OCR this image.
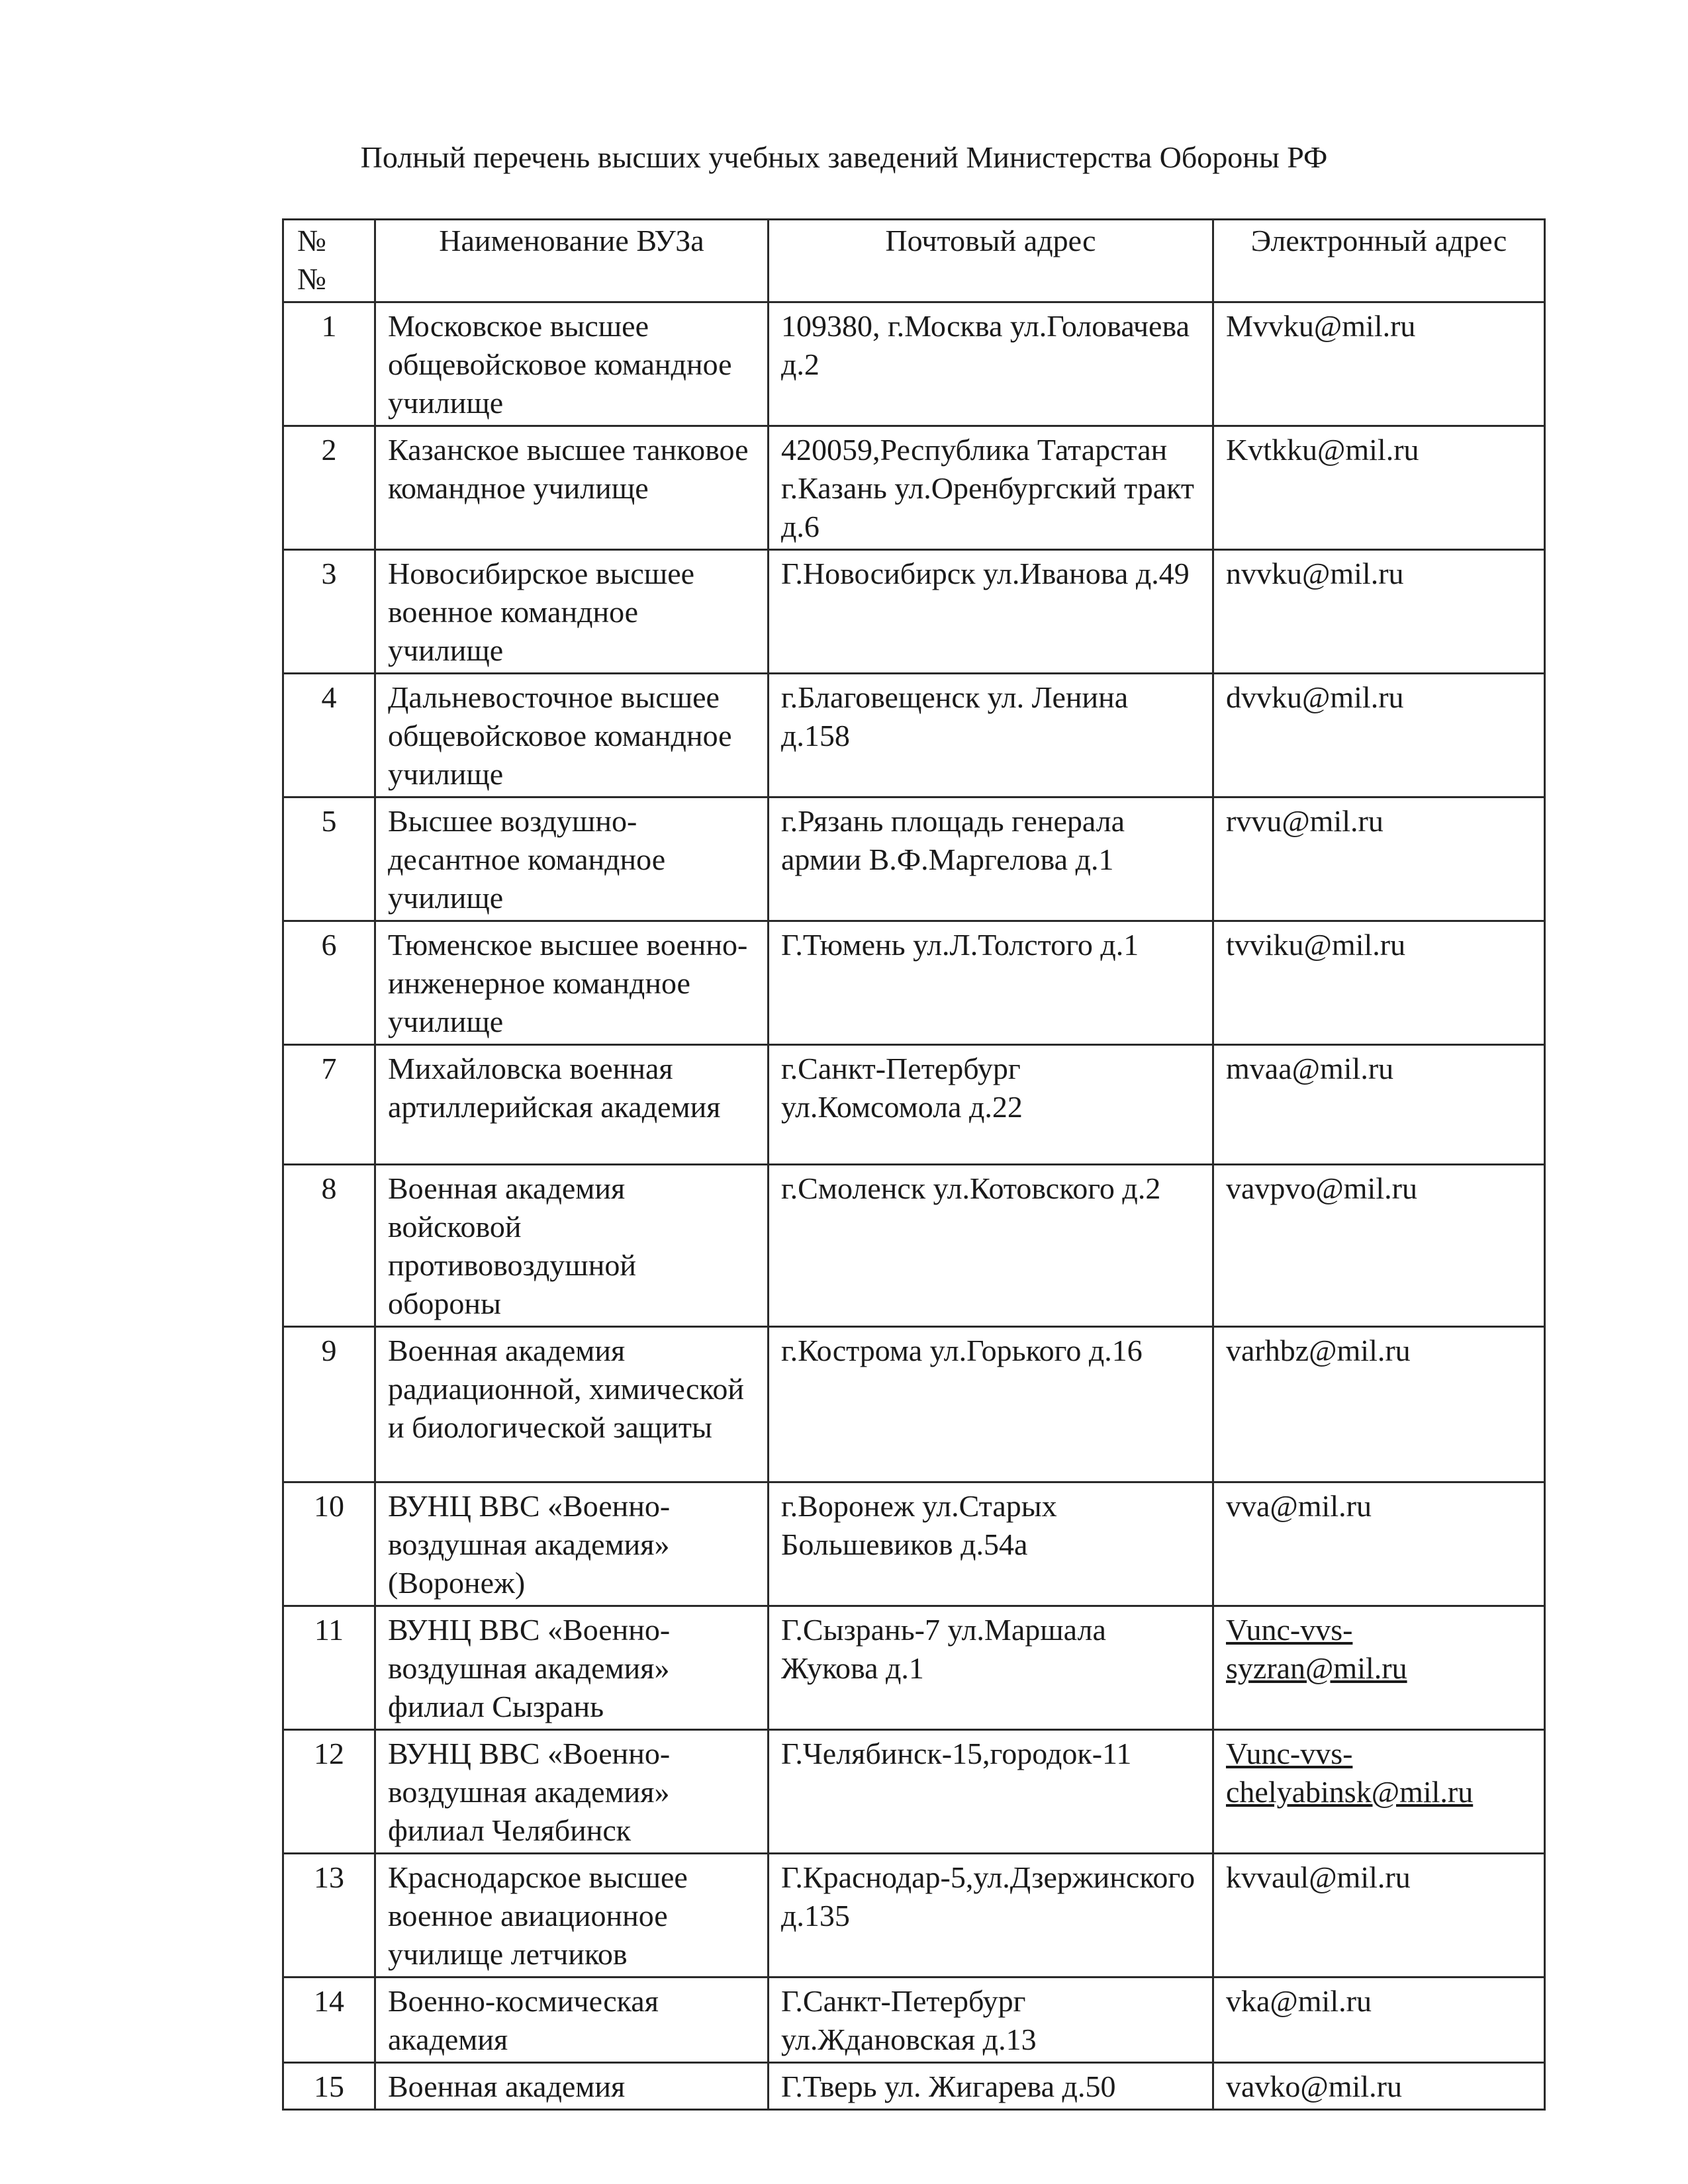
Полный перечень высших учебных заведений Министерства Обороны РФ
№ №	Наименование ВУЗа	Почтовый адрес	Электронный адрес
1	Московское высшее общевойсковое командное училище	109380, г.Москва ул.Головачева д.2	Mvvku@mil.ru
2	Казанское высшее танковое командное училище	420059,Республика Татарстан г.Казань ул.Оренбургский тракт д.6	Kvtkku@mil.ru
3	Новосибирское высшее военное командное училище	Г.Новосибирск ул.Иванова д.49	nvvku@mil.ru
4	Дальневосточное высшее общевойсковое командное училище	г.Благовещенск ул. Ленина д.158	dvvku@mil.ru
5	Высшее воздушно-десантное командное училище	г.Рязань площадь генерала армии В.Ф.Маргелова д.1	rvvu@mil.ru
6	Тюменское высшее военно-инженерное командное училище	Г.Тюмень ул.Л.Толстого д.1	tvviku@mil.ru
7	Михайловска военная артиллерийская академия	г.Санкт-Петербург ул.Комсомола д.22	mvaa@mil.ru
8	Военная академия войсковой противовоздушной обороны	г.Смоленск ул.Котовского д.2	vavpvo@mil.ru
9	Военная академия радиационной, химической и биологической защиты	г.Кострома ул.Горького д.16	varhbz@mil.ru
10	ВУНЦ ВВС «Военно-воздушная академия» (Воронеж)	г.Воронеж ул.Старых Большевиков д.54а	vva@mil.ru
11	ВУНЦ ВВС «Военно-воздушная академия» филиал Сызрань	Г.Сызрань-7 ул.Маршала Жукова д.1	Vunc-vvs-syzran@mil.ru
12	ВУНЦ ВВС «Военно-воздушная академия» филиал Челябинск	Г.Челябинск-15,городок-11	Vunc-vvs-chelyabinsk@mil.ru
13	Краснодарское высшее военное авиационное училище летчиков	Г.Краснодар-5,ул.Дзержинского д.135	kvvaul@mil.ru
14	Военно-космическая академия	Г.Санкт-Петербург ул.Ждановская д.13	vka@mil.ru
15	Военная академия	Г.Тверь ул. Жигарева д.50	vavko@mil.ru
